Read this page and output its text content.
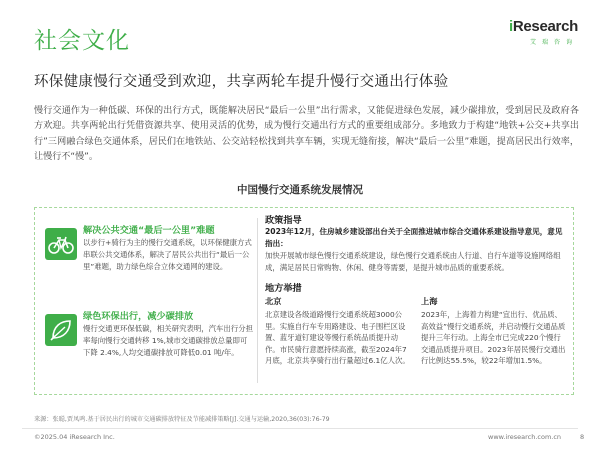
社会文化
iResearch
艾瑞咨询
环保健康慢行交通受到欢迎，共享两轮车提升慢行交通出行体验
慢行交通作为一种低碳、环保的出行方式，既能解决居民“最后一公里”出行需求，又能促进绿色发展，减少碳排放，受到居民及政府各方欢迎。共享两轮出行凭借资源共享、使用灵活的优势，成为慢行交通出行方式的重要组成部分。多地致力于构建“地铁+公交+共享出行”三网融合绿色交通体系，居民们在地铁站、公交站轻松找到共享车辆，实现无缝衔接，解决“最后一公里”难题，提高居民出行效率，让慢行不“慢”。
中国慢行交通系统发展情况
解决公共交通“最后一公里”难题
以步行+骑行为主的慢行交通系统，以环保健康方式串联公共交通体系，解决了居民公共出行“最后一公里”难题，助力绿色综合立体交通网的建设。
绿色环保出行，减少碳排放
慢行交通更环保低碳，相关研究表明，汽车出行分担率每向慢行交通转移 1%,城市交通碳排放总量即可下降 2.4%,人均交通碳排放可降低0.01 吨/年。
政策指导
2023年12月，住房城乡建设部出台关于全面推进城市综合交通体系建设指导意见，意见指出：
加快开展城市绿色慢行交通系统建设，绿色慢行交通系统由人行道、自行车道等设施网络组成，满足居民日常购物、休闲、健身等需要，是提升城市品质的重要系统。
地方举措
北京
北京建设各级道路慢行交通系统超3000公里。实施自行车专用路建设、电子围栏区设置、蓝牙道钉建设等慢行系统品质提升动作。市民骑行意愿持续高涨，截至2024年7月底，北京共享骑行出行量超过6.1亿人次。
上海
2023年，上海着力构建“宜出行、优品质、高效益”慢行交通系统，并启动慢行交通品质提升三年行动。上海全市已完成220个慢行交通品质提升项目。2023年居民慢行交通出行比例达55.5%，较22年增加1.5%。
来源：张聪,贾凤鸣.基于居民出行的城市交通碳排放特征及节能减排策略[J].交通与运输,2020,36(03):76-79
©2025.04 iResearch Inc.	www.iresearch.com.cn	8
